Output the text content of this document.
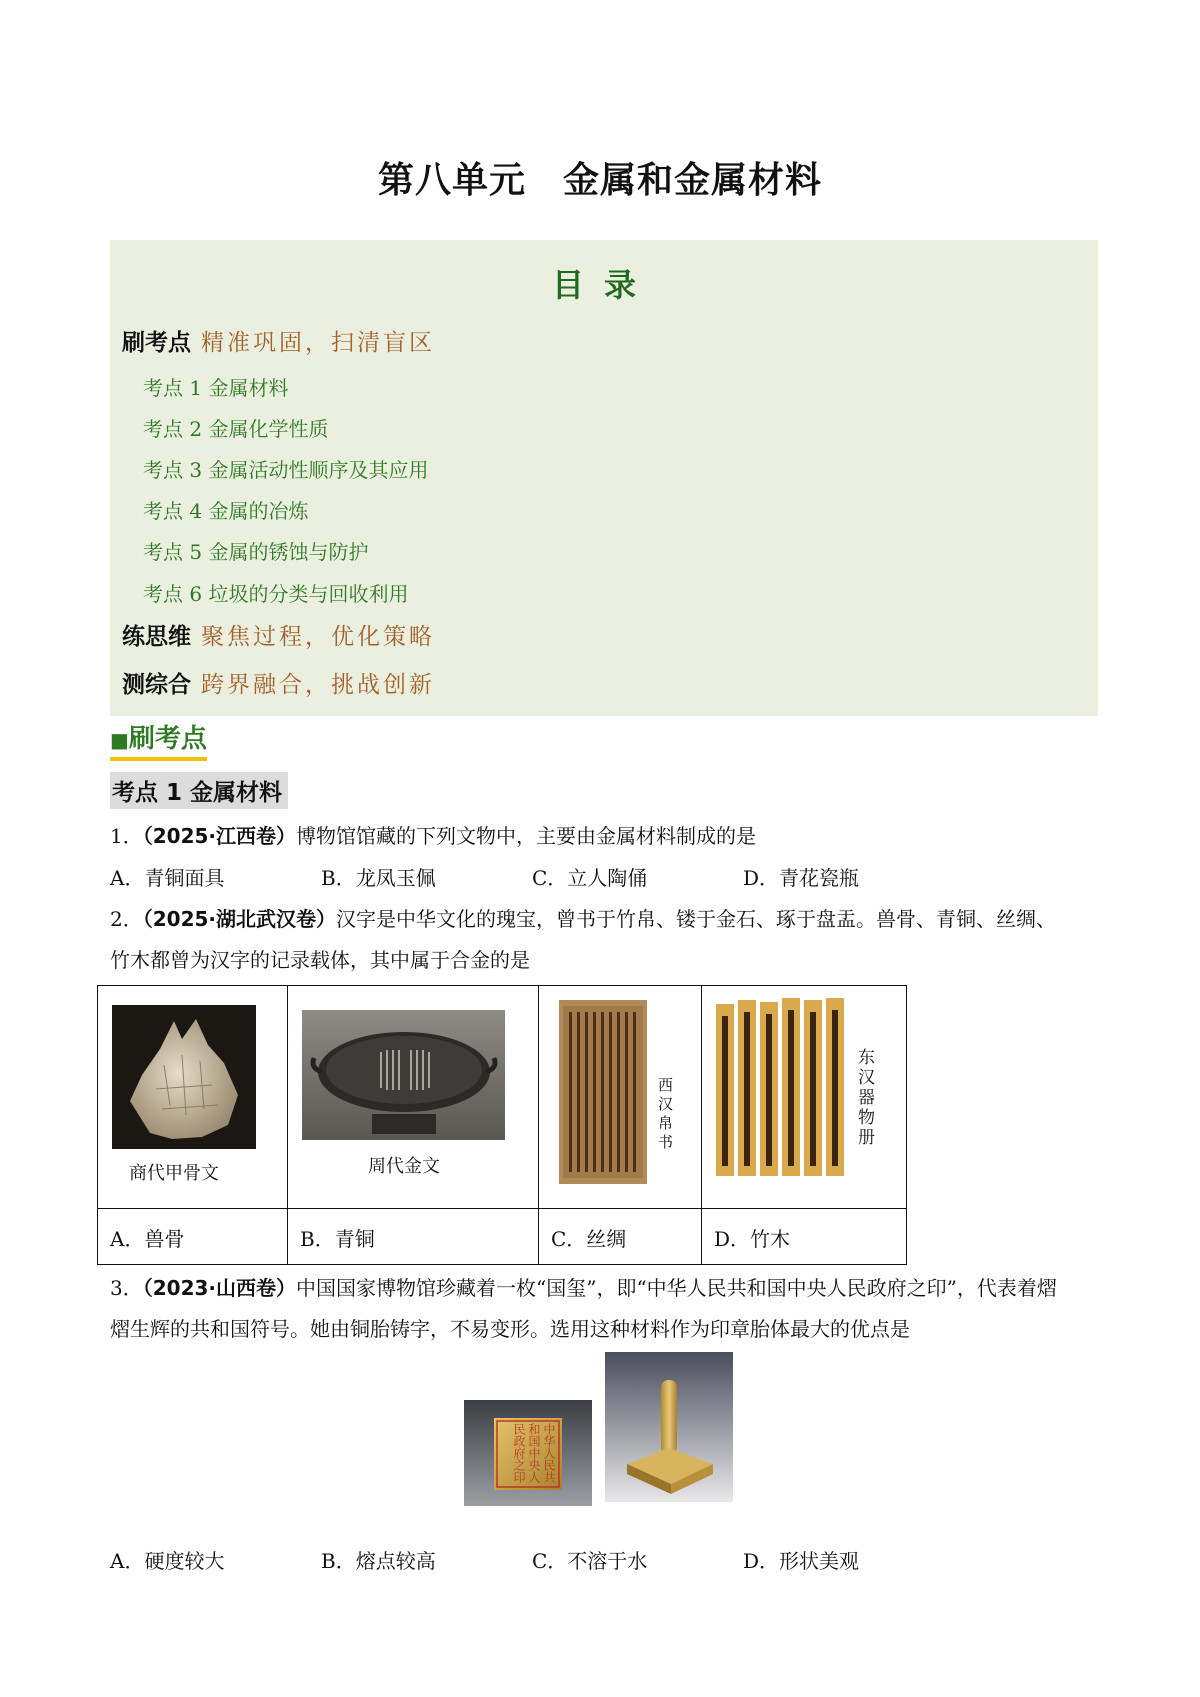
第八单元　金属和金属材料
目录
刷考点 精准巩固，扫清盲区
考点 1 金属材料
考点 2 金属化学性质
考点 3 金属活动性顺序及其应用
考点 4 金属的冶炼
考点 5 金属的锈蚀与防护
考点 6 垃圾的分类与回收利用
练思维 聚焦过程，优化策略
测综合 跨界融合，挑战创新
■刷考点
考点 1 金属材料
1．（2025·江西卷）博物馆馆藏的下列文物中，主要由金属材料制成的是
A．青铜面具	B．龙凤玉佩	C．立人陶俑	D．青花瓷瓶
2．（2025·湖北武汉卷）汉字是中华文化的瑰宝，曾书于竹帛、镂于金石、琢于盘盂。兽骨、青铜、丝绸、
竹木都曾为汉字的记录载体，其中属于合金的是
商代甲骨文	周代金文	西汉帛书	东汉器物册

A．兽骨	B．青铜	C．丝绸	D．竹木
3．（2023·山西卷）中国国家博物馆珍藏着一枚“国玺”，即“中华人民共和国中央人民政府之印”，代表着熠
熠生辉的共和国符号。她由铜胎铸字，不易变形。选用这种材料作为印章胎体最大的优点是
中华人民共和国中央人民政府之印
A．硬度较大	B．熔点较高	C．不溶于水	D．形状美观
